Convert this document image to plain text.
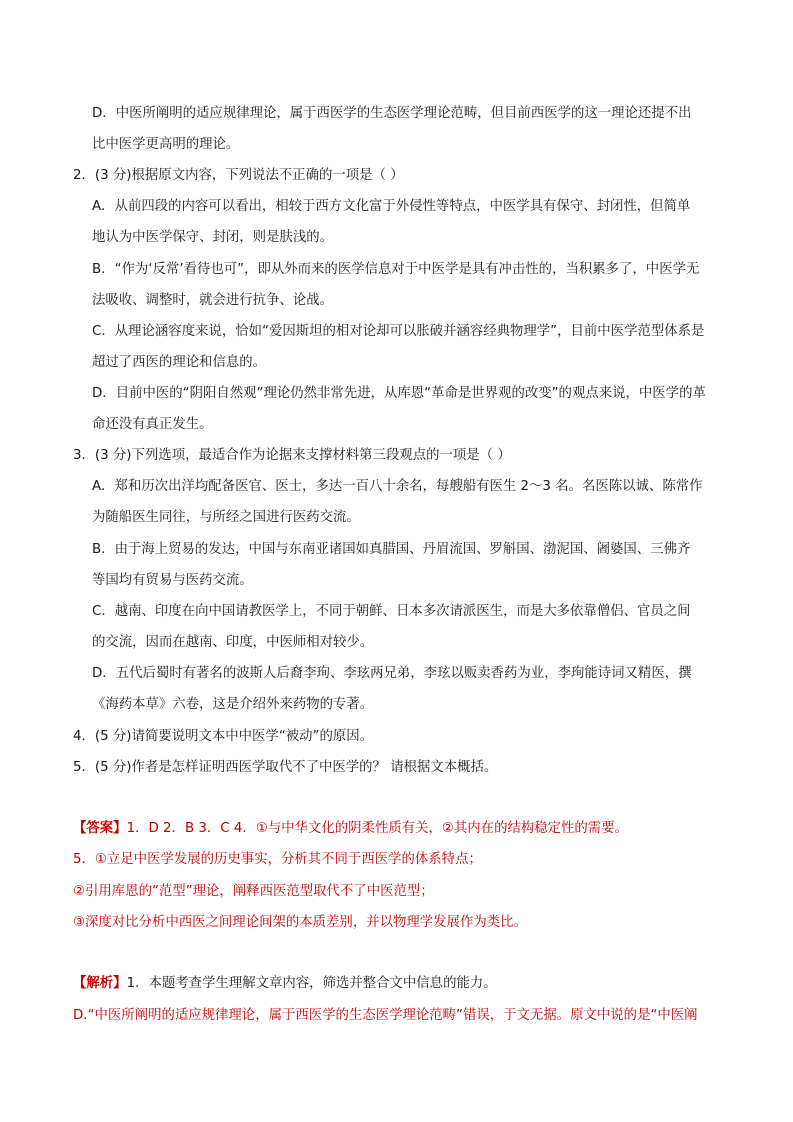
D．中医所阐明的适应规律理论，属于西医学的生态医学理论范畴，但目前西医学的这一理论还提不出
比中医学更高明的理论。
2．(3 分)根据原文内容，下列说法不正确的一项是（ ）
A．从前四段的内容可以看出，相较于西方文化富于外侵性等特点，中医学具有保守、封闭性，但简单
地认为中医学保守、封闭，则是肤浅的。
B．“作为‘反常’看待也可”，即从外而来的医学信息对于中医学是具有冲击性的，当积累多了，中医学无
法吸收、调整时，就会进行抗争、论战。
C．从理论涵容度来说，恰如“爱因斯坦的相对论却可以胀破并涵容经典物理学”，目前中医学范型体系是
超过了西医的理论和信息的。
D．目前中医的“阴阳自然观”理论仍然非常先进，从库恩“革命是世界观的改变”的观点来说，中医学的革
命还没有真正发生。
3．(3 分)下列选项，最适合作为论据来支撑材料第三段观点的一项是（ ）
A．郑和历次出洋均配备医官、医士，多达一百八十余名，每艘船有医生 2～3 名。名医陈以诚、陈常作
为随船医生同往，与所经之国进行医药交流。
B．由于海上贸易的发达，中国与东南亚诸国如真腊国、丹眉流国、罗斛国、渤泥国、阇婆国、三佛齐
等国均有贸易与医药交流。
C．越南、印度在向中国请教医学上，不同于朝鲜、日本多次请派医生，而是大多依靠僧侣、官员之间
的交流，因而在越南、印度，中医师相对较少。
D．五代后蜀时有著名的波斯人后裔李珣、李玹两兄弟，李玹以贩卖香药为业，李珣能诗词又精医，撰
《海药本草》六卷，这是介绍外来药物的专著。
4．(5 分)请简要说明文本中中医学“被动”的原因。
5．(5 分)作者是怎样证明西医学取代不了中医学的？ 请根据文本概括。
【答案】1．D 2．B 3．C 4．①与中华文化的阴柔性质有关，②其内在的结构稳定性的需要。
5．①立足中医学发展的历史事实，分析其不同于西医学的体系特点；
②引用库恩的“范型”理论，阐释西医范型取代不了中医范型；
③深度对比分析中西医之间理论间架的本质差别，并以物理学发展作为类比。
【解析】1．本题考查学生理解文章内容，筛选并整合文中信息的能力。
D.“中医所阐明的适应规律理论，属于西医学的生态医学理论范畴”错误，于文无据。原文中说的是“中医阐
